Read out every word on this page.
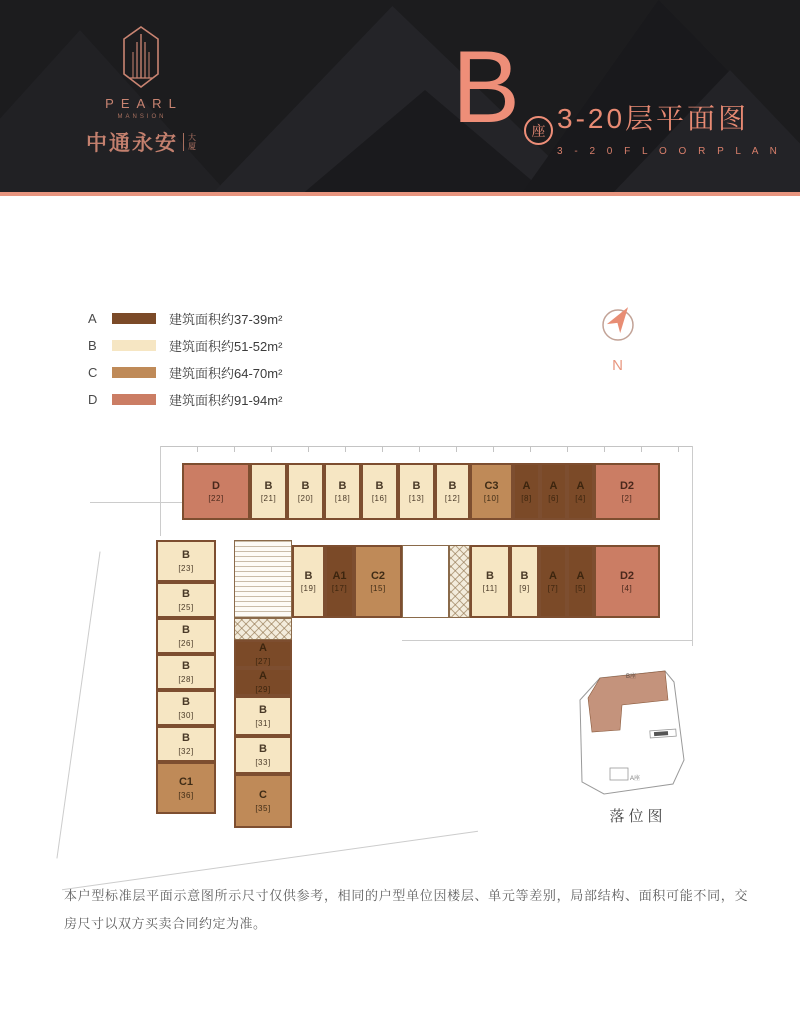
PEARL
MANSION
中通永安	大厦
B 座 3-20层平面图
3 - 2 0 F L O O R P L A N
A	建筑面积约37-39m²
B	建筑面积约51-52m²
C	建筑面积约64-70m²
D	建筑面积约91-94m²
N
D
[22]
B
[21]
B
[20]
B
[18]
B
[16]
B
[13]
B
[12]
C3
[10]
A
[8]
A
[6]
A
[4]
D2
[2]
B
[19]
A1
[17]
C2
[15]
B
[11]
B
[9]
A
[7]
A
[5]
D2
[4]
B
[23]
B
[25]
B
[26]
B
[28]
B
[30]
B
[32]
C1
[36]
A
[27]
A
[29]
B
[31]
B
[33]
C
[35]
B座
A座
落位图
本户型标准层平面示意图所示尺寸仅供参考，相同的户型单位因楼层、单元等差别，局部结构、面积可能不同，交房尺寸以双方买卖合同约定为准。
